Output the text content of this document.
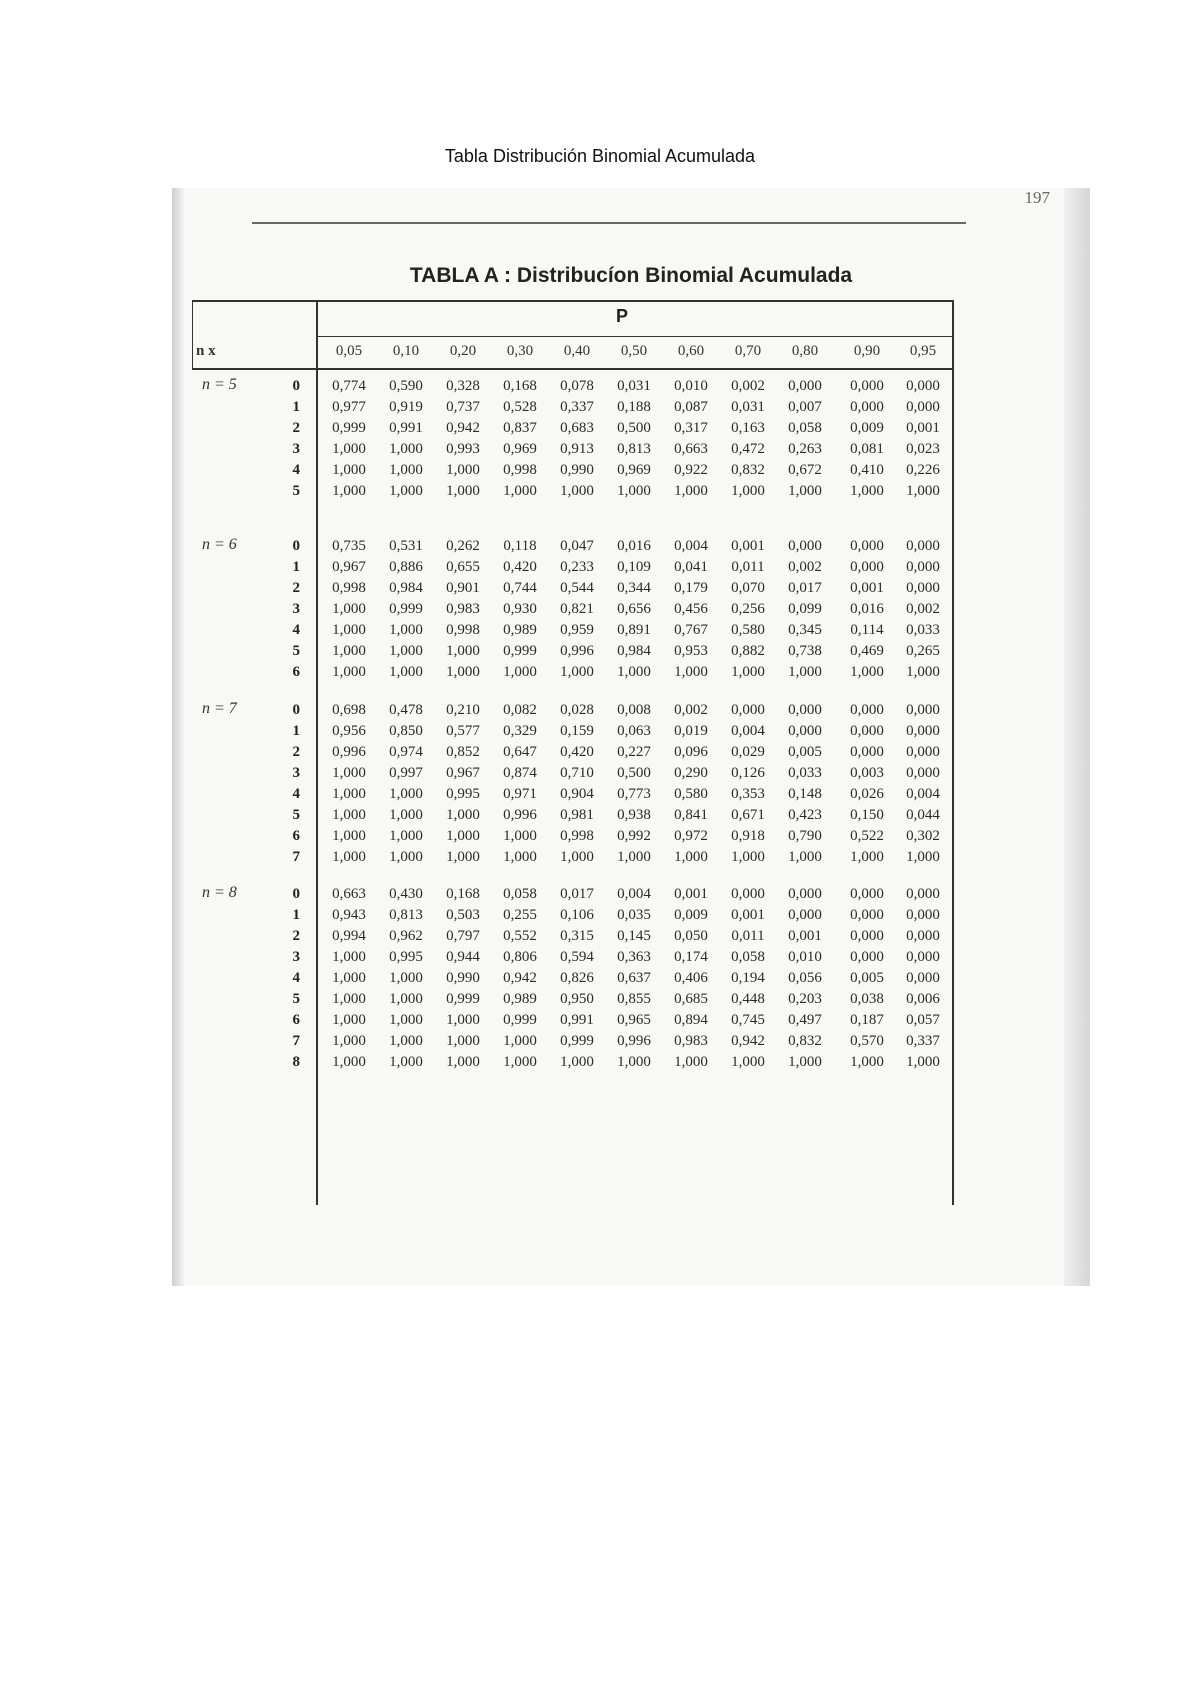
Tabla Distribución Binomial Acumulada
197
TABLA A : Distribucíon Binomial Acumulada
P
n x	0,05	0,10	0,20	0,30	0,40	0,50	0,60	0,70	0,80	0,90	0,95
n = 5	0	0,774	0,590	0,328	0,168	0,078	0,031	0,010	0,002	0,000	0,000	0,000
1	0,977	0,919	0,737	0,528	0,337	0,188	0,087	0,031	0,007	0,000	0,000
2	0,999	0,991	0,942	0,837	0,683	0,500	0,317	0,163	0,058	0,009	0,001
3	1,000	1,000	0,993	0,969	0,913	0,813	0,663	0,472	0,263	0,081	0,023
4	1,000	1,000	1,000	0,998	0,990	0,969	0,922	0,832	0,672	0,410	0,226
5	1,000	1,000	1,000	1,000	1,000	1,000	1,000	1,000	1,000	1,000	1,000
n = 6	0	0,735	0,531	0,262	0,118	0,047	0,016	0,004	0,001	0,000	0,000	0,000
1	0,967	0,886	0,655	0,420	0,233	0,109	0,041	0,011	0,002	0,000	0,000
2	0,998	0,984	0,901	0,744	0,544	0,344	0,179	0,070	0,017	0,001	0,000
3	1,000	0,999	0,983	0,930	0,821	0,656	0,456	0,256	0,099	0,016	0,002
4	1,000	1,000	0,998	0,989	0,959	0,891	0,767	0,580	0,345	0,114	0,033
5	1,000	1,000	1,000	0,999	0,996	0,984	0,953	0,882	0,738	0,469	0,265
6	1,000	1,000	1,000	1,000	1,000	1,000	1,000	1,000	1,000	1,000	1,000
n = 7	0	0,698	0,478	0,210	0,082	0,028	0,008	0,002	0,000	0,000	0,000	0,000
1	0,956	0,850	0,577	0,329	0,159	0,063	0,019	0,004	0,000	0,000	0,000
2	0,996	0,974	0,852	0,647	0,420	0,227	0,096	0,029	0,005	0,000	0,000
3	1,000	0,997	0,967	0,874	0,710	0,500	0,290	0,126	0,033	0,003	0,000
4	1,000	1,000	0,995	0,971	0,904	0,773	0,580	0,353	0,148	0,026	0,004
5	1,000	1,000	1,000	0,996	0,981	0,938	0,841	0,671	0,423	0,150	0,044
6	1,000	1,000	1,000	1,000	0,998	0,992	0,972	0,918	0,790	0,522	0,302
7	1,000	1,000	1,000	1,000	1,000	1,000	1,000	1,000	1,000	1,000	1,000
n = 8	0	0,663	0,430	0,168	0,058	0,017	0,004	0,001	0,000	0,000	0,000	0,000
1	0,943	0,813	0,503	0,255	0,106	0,035	0,009	0,001	0,000	0,000	0,000
2	0,994	0,962	0,797	0,552	0,315	0,145	0,050	0,011	0,001	0,000	0,000
3	1,000	0,995	0,944	0,806	0,594	0,363	0,174	0,058	0,010	0,000	0,000
4	1,000	1,000	0,990	0,942	0,826	0,637	0,406	0,194	0,056	0,005	0,000
5	1,000	1,000	0,999	0,989	0,950	0,855	0,685	0,448	0,203	0,038	0,006
6	1,000	1,000	1,000	0,999	0,991	0,965	0,894	0,745	0,497	0,187	0,057
7	1,000	1,000	1,000	1,000	0,999	0,996	0,983	0,942	0,832	0,570	0,337
8	1,000	1,000	1,000	1,000	1,000	1,000	1,000	1,000	1,000	1,000	1,000
